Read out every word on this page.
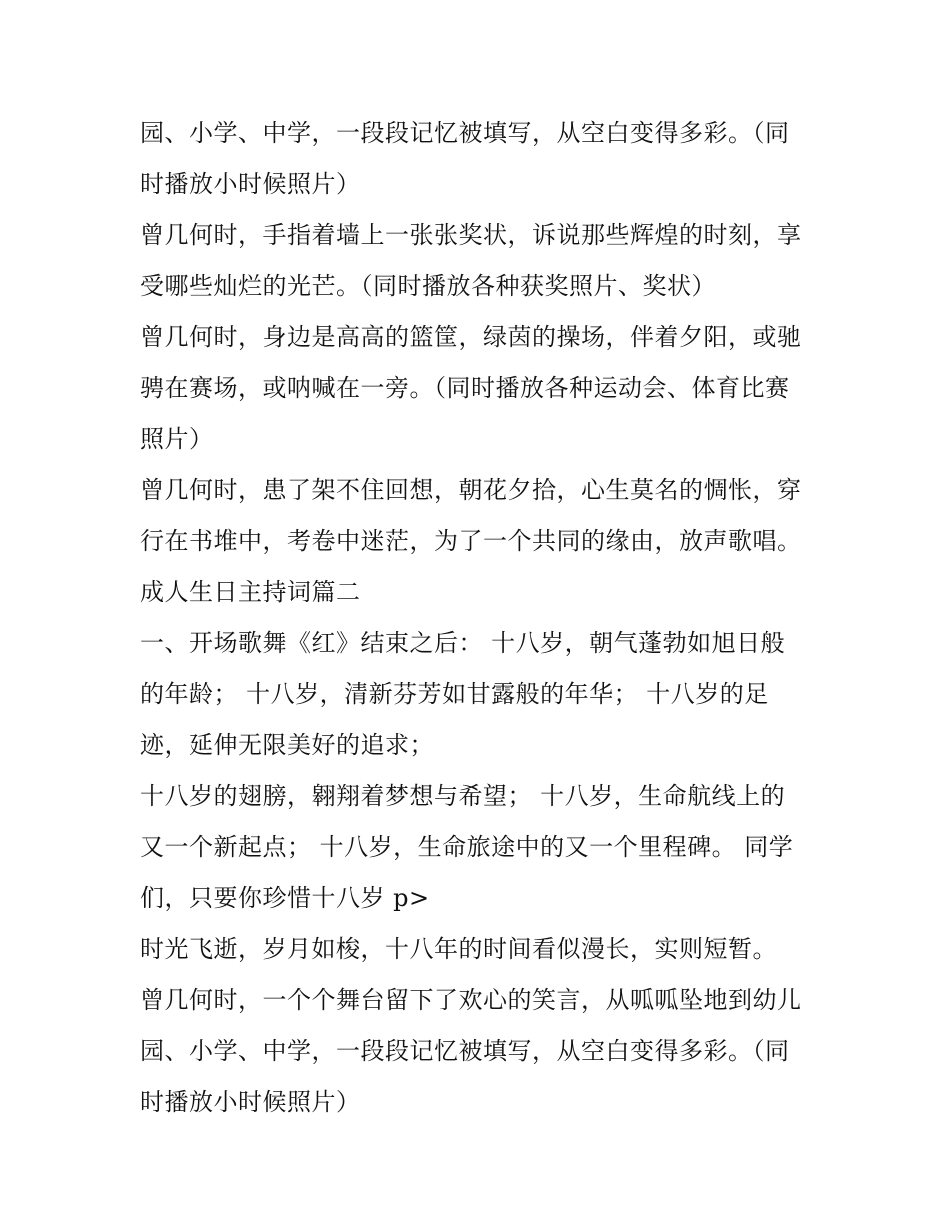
园、小学、中学，一段段记忆被填写，从空白变得多彩。（同
时播放小时候照片）
曾几何时，手指着墙上一张张奖状，诉说那些辉煌的时刻，享
受哪些灿烂的光芒。（同时播放各种获奖照片、奖状）
曾几何时，身边是高高的篮筐，绿茵的操场，伴着夕阳，或驰
骋在赛场，或呐喊在一旁。（同时播放各种运动会、体育比赛
照片）
曾几何时，患了架不住回想，朝花夕拾，心生莫名的惆怅，穿
行在书堆中，考卷中迷茫，为了一个共同的缘由，放声歌唱。
成人生日主持词篇二
一、开场歌舞《红》结束之后： 十八岁，朝气蓬勃如旭日般
的年龄； 十八岁，清新芬芳如甘露般的年华； 十八岁的足
迹，延伸无限美好的追求；
十八岁的翅膀，翱翔着梦想与希望； 十八岁，生命航线上的
又一个新起点； 十八岁，生命旅途中的又一个里程碑。 同学
们，只要你珍惜十八岁 p>
时光飞逝，岁月如梭，十八年的时间看似漫长，实则短暂。
曾几何时，一个个舞台留下了欢心的笑言，从呱呱坠地到幼儿
园、小学、中学，一段段记忆被填写，从空白变得多彩。（同
时播放小时候照片）
